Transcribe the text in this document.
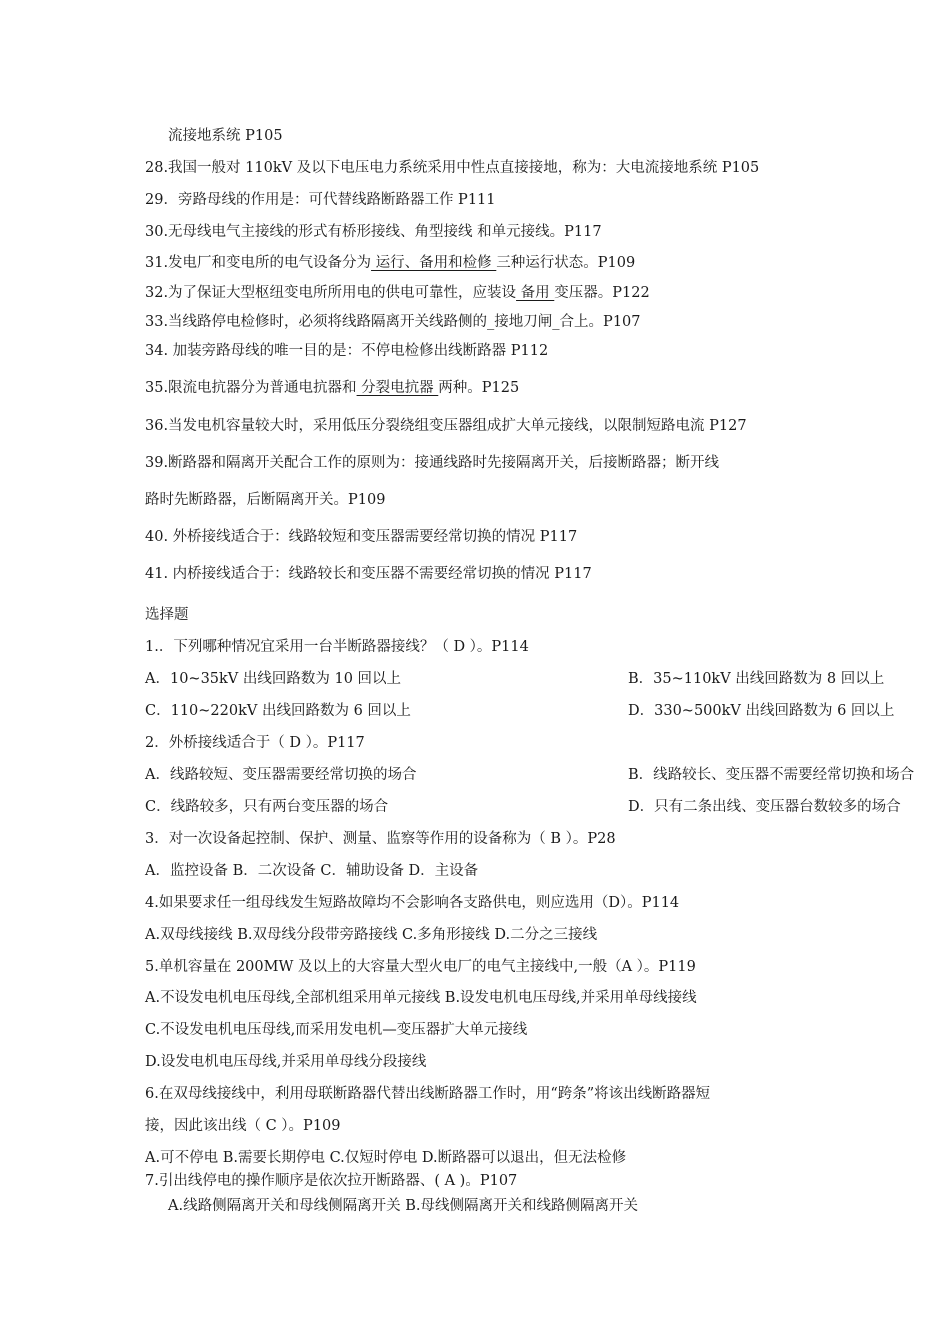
流接地系统 P105
28.我国一般对 110kV 及以下电压电力系统采用中性点直接接地，称为：大电流接地系统 P105
29．旁路母线的作用是：可代替线路断路器工作 P111
30.无母线电气主接线的形式有桥形接线、角型接线 和单元接线。P117
31.发电厂和变电所的电气设备分为 运行、备用和检修 三种运行状态。P109
32.为了保证大型枢纽变电所所用电的供电可靠性，应装设 备用 变压器。P122
33.当线路停电检修时，必须将线路隔离开关线路侧的_接地刀闸_合上。P107
34. 加装旁路母线的唯一目的是：不停电检修出线断路器 P112
35.限流电抗器分为普通电抗器和 分裂电抗器 两种。P125
36.当发电机容量较大时，采用低压分裂绕组变压器组成扩大单元接线，以限制短路电流 P127
39.断路器和隔离开关配合工作的原则为：接通线路时先接隔离开关，后接断路器；断开线
路时先断路器，后断隔离开关。P109
40. 外桥接线适合于：线路较短和变压器需要经常切换的情况 P117
41. 内桥接线适合于：线路较长和变压器不需要经常切换的情况 P117
选择题
1.．下列哪种情况宜采用一台半断路器接线？（ D ）。P114
A．10~35kV 出线回路数为 10 回以上	B．35~110kV 出线回路数为 8 回以上
C．110~220kV 出线回路数为 6 回以上	D．330~500kV 出线回路数为 6 回以上
2．外桥接线适合于（ D ）。P117
A．线路较短、变压器需要经常切换的场合	B．线路较长、变压器不需要经常切换和场合
C．线路较多，只有两台变压器的场合	D．只有二条出线、变压器台数较多的场合
3．对一次设备起控制、保护、测量、监察等作用的设备称为（ B ）。P28
A．监控设备 B．二次设备 C．辅助设备 D．主设备
4.如果要求任一组母线发生短路故障均不会影响各支路供电，则应选用（D）。P114
A.双母线接线 B.双母线分段带旁路接线 C.多角形接线 D.二分之三接线
5.单机容量在 200MW 及以上的大容量大型火电厂的电气主接线中,一般（A ）。P119
A.不设发电机电压母线,全部机组采用单元接线 B.设发电机电压母线,并采用单母线接线
C.不设发电机电压母线,而采用发电机—变压器扩大单元接线
D.设发电机电压母线,并采用单母线分段接线
6.在双母线接线中，利用母联断路器代替出线断路器工作时，用“跨条”将该出线断路器短
接，因此该出线（ C ）。P109
A.可不停电 B.需要长期停电 C.仅短时停电 D.断路器可以退出，但无法检修
7.引出线停电的操作顺序是依次拉开断路器、( A )。P107
A.线路侧隔离开关和母线侧隔离开关 B.母线侧隔离开关和线路侧隔离开关
